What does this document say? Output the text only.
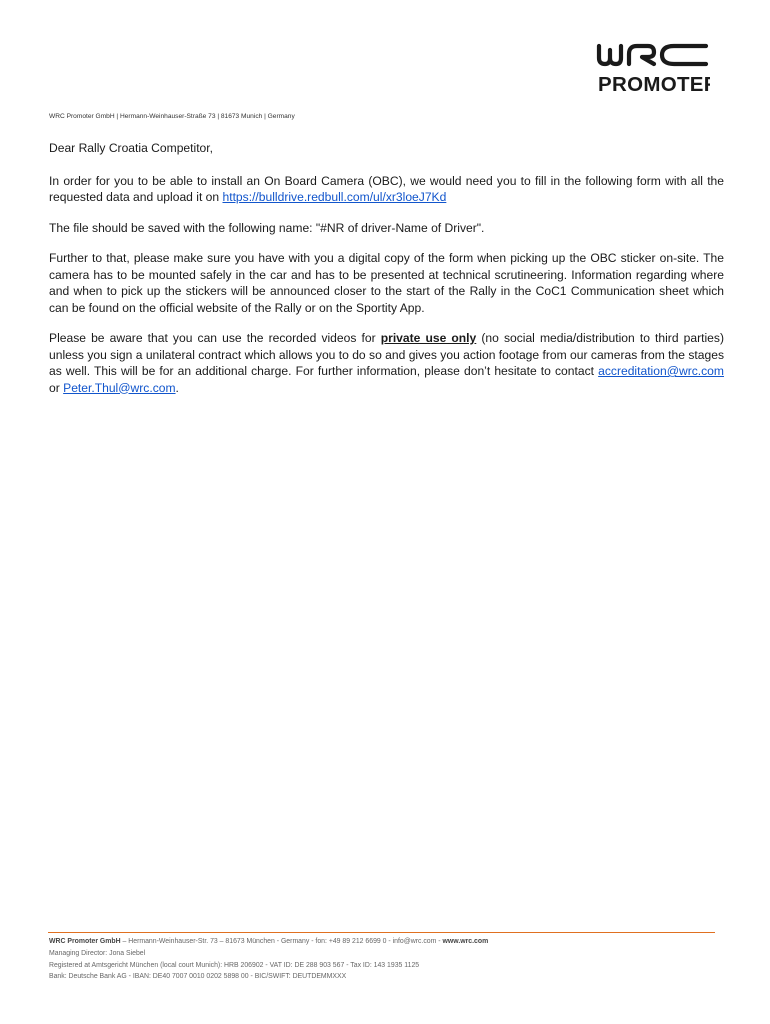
PROMOTER
WRC Promoter GmbH | Hermann-Weinhauser-Straße 73 | 81673 Munich | Germany

Dear Rally Croatia Competitor,

In order for you to be able to install an On Board Camera (OBC), we would need you to fill in the following form with all the requested data and upload it on https://bulldrive.redbull.com/ul/xr3loeJ7Kd

The file should be saved with the following name: "#NR of driver-Name of Driver".

Further to that, please make sure you have with you a digital copy of the form when picking up the OBC sticker on-site. The camera has to be mounted safely in the car and has to be presented at technical scrutineering. Information regarding where and when to pick up the stickers will be announced closer to the start of the Rally in the CoC1 Communication sheet which can be found on the official website of the Rally or on the Sportity App.

Please be aware that you can use the recorded videos for private use only (no social media/distribution to third parties) unless you sign a unilateral contract which allows you to do so and gives you action footage from our cameras from the stages as well. This will be for an additional charge. For further information, please don’t hesitate to contact accreditation@wrc.com or Peter.Thul@wrc.com.

WRC Promoter GmbH – Hermann-Weinhauser-Str. 73 – 81673 München - Germany - fon: +49 89 212 6699 0 - info@wrc.com - www.wrc.com
Managing Director: Jona Siebel
Registered at Amtsgericht München (local court Munich): HRB 206902 - VAT ID: DE 288 903 567 - Tax ID: 143 1935 1125
Bank: Deutsche Bank AG - IBAN: DE40 7007 0010 0202 5898 00 - BIC/SWIFT: DEUTDEMMXXX
